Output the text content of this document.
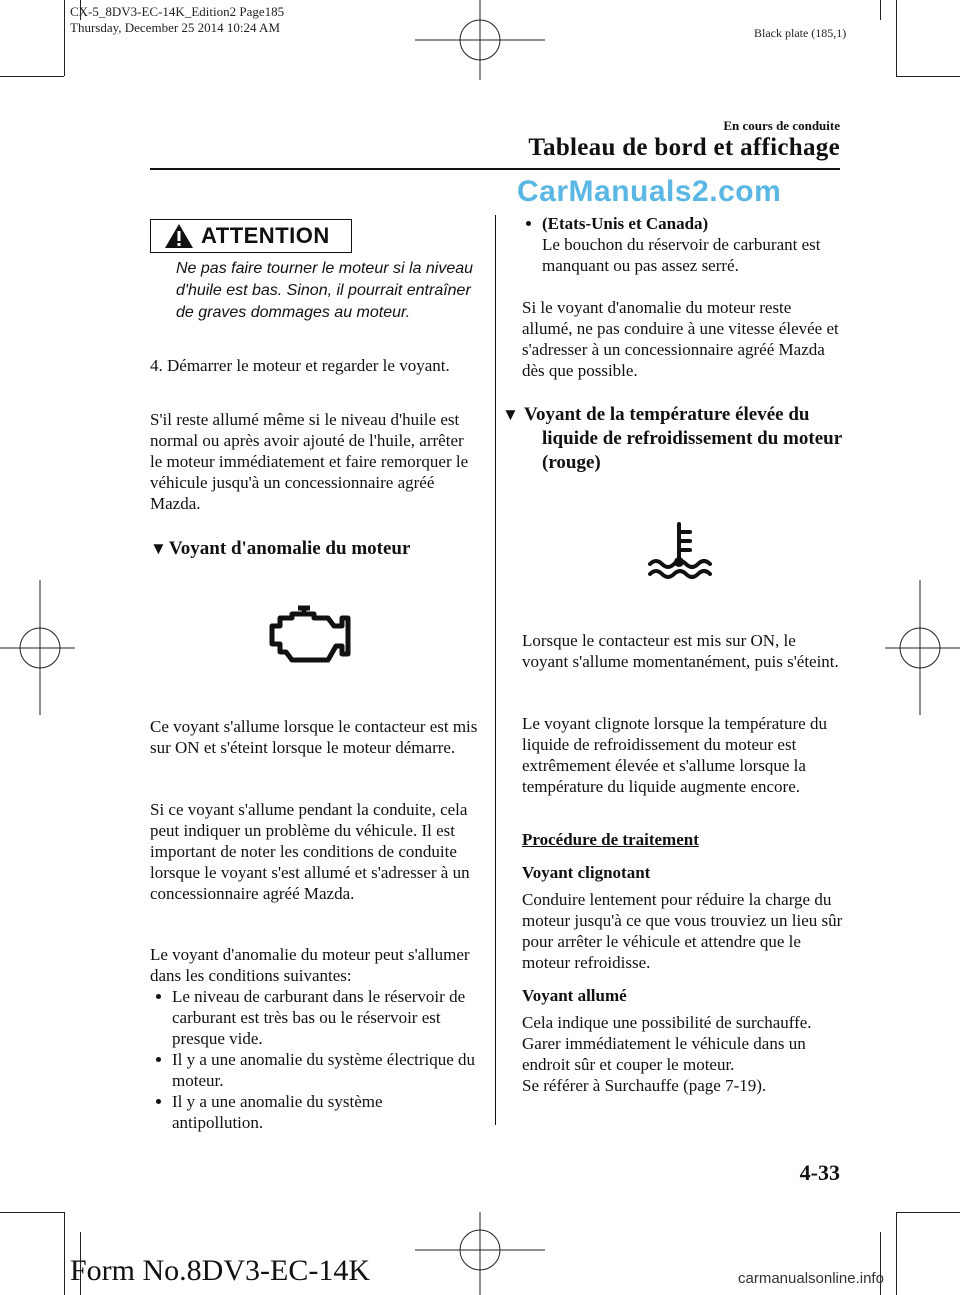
CX-5_8DV3-EC-14K_Edition2 Page185
Thursday, December 25 2014 10:24 AM	Black plate (185,1)
En cours de conduite
Tableau de bord et affichage
CarManuals2.com
ATTENTION
Ne pas faire tourner le moteur si la niveau d'huile est bas. Sinon, il pourrait entraîner de graves dommages au moteur.
4. Démarrer le moteur et regarder le voyant.
S'il reste allumé même si le niveau d'huile est normal ou après avoir ajouté de l'huile, arrêter le moteur immédiatement et faire remorquer le véhicule jusqu'à un concessionnaire agréé Mazda.
▼ Voyant d'anomalie du moteur
Ce voyant s'allume lorsque le contacteur est mis sur ON et s'éteint lorsque le moteur démarre.
Si ce voyant s'allume pendant la conduite, cela peut indiquer un problème du véhicule. Il est important de noter les conditions de conduite lorsque le voyant s'est allumé et s'adresser à un concessionnaire agréé Mazda.
Le voyant d'anomalie du moteur peut s'allumer dans les conditions suivantes:
Le niveau de carburant dans le réservoir de carburant est très bas ou le réservoir est presque vide.
Il y a une anomalie du système électrique du moteur.
Il y a une anomalie du système antipollution.
(Etats-Unis et Canada)
Le bouchon du réservoir de carburant est manquant ou pas assez serré.
Si le voyant d'anomalie du moteur reste allumé, ne pas conduire à une vitesse élevée et s'adresser à un concessionnaire agréé Mazda dès que possible.
▼ Voyant de la température élevée du liquide de refroidissement du moteur (rouge)
Lorsque le contacteur est mis sur ON, le voyant s'allume momentanément, puis s'éteint.
Le voyant clignote lorsque la température du liquide de refroidissement du moteur est extrêmement élevée et s'allume lorsque la température du liquide augmente encore.
Procédure de traitement
Voyant clignotant
Conduire lentement pour réduire la charge du moteur jusqu'à ce que vous trouviez un lieu sûr pour arrêter le véhicule et attendre que le moteur refroidisse.
Voyant allumé
Cela indique une possibilité de surchauffe. Garer immédiatement le véhicule dans un endroit sûr et couper le moteur.
Se référer à Surchauffe (page 7-19).
4-33
Form No.8DV3-EC-14K	carmanualsonline.info
